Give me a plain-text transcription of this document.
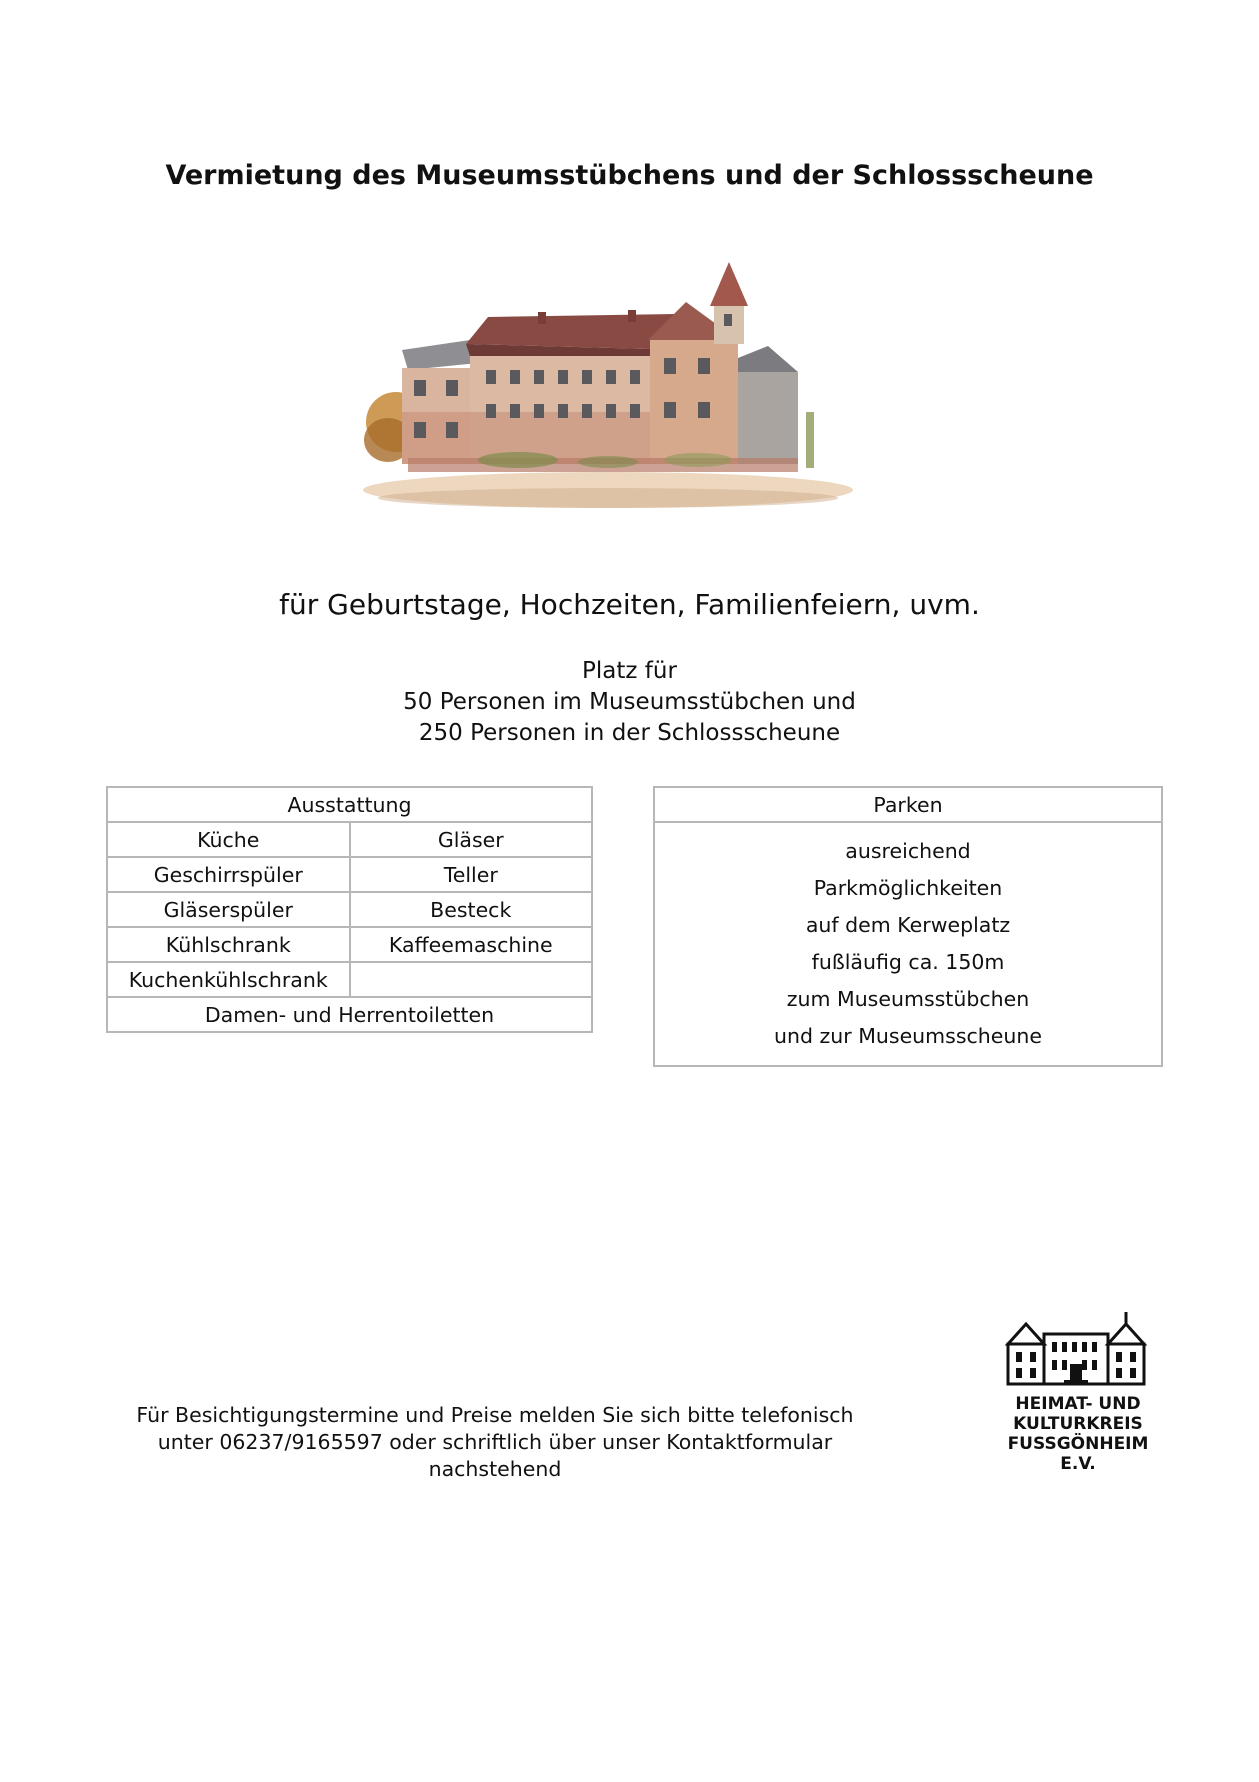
Vermietung des Museumsstübchens und der Schlossscheune
für Geburtstage, Hochzeiten, Familienfeiern, uvm.
Platz für
50 Personen im Museumsstübchen und
250 Personen in der Schlossscheune
Ausstattung	
Küche	Gläser
Geschirrspüler	Teller
Gläserspüler	Besteck
Kühlschrank	Kaffeemaschine
Kuchenkühlschrank	
Damen- und Herrentoiletten	
Parken

ausreichend
Parkmöglichkeiten
auf dem Kerweplatz
fußläufig ca. 150m
zum Museumsstübchen
und zur Museumsscheune
Für Besichtigungstermine und Preise melden Sie sich bitte telefonisch
unter 06237/9165597 oder schriftlich über unser Kontaktformular
nachstehend
HEIMAT- UND
KULTURKREIS
FUSSGÖNHEIM
E.V.
